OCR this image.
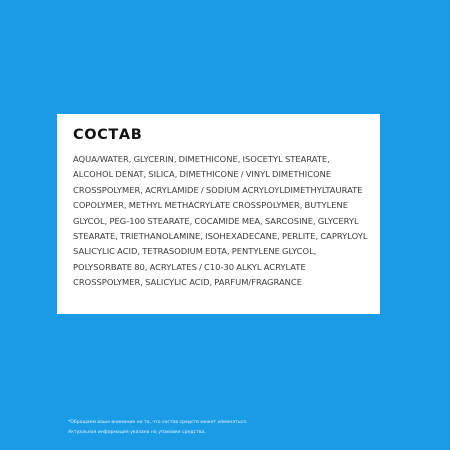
СОСТАВ

AQUA/WATER, GLYCERIN, DIMETHICONE, ISOCETYL STEARATE, ALCOHOL DENAT, SILICA, DIMETHICONE / VINYL DIMETHICONE CROSSPOLYMER, ACRYLAMIDE / SODIUM ACRYLOYLDIMETHYLTAURATE COPOLYMER, METHYL METHACRYLATE CROSSPOLYMER, BUTYLENE GLYCOL, PEG-100 STEARATE, COCAMIDE MEA, SARCOSINE, GLYCERYL STEARATE, TRIETHANOLAMINE, ISOHEXADECANE, PERLITE, CAPRYLOYL SALICYLIC ACID, TETRASODIUM EDTA, PENTYLENE GLYCOL, POLYSORBATE 80, ACRYLATES / C10-30 ALKYL ACRYLATE CROSSPOLYMER, SALICYLIC ACID, PARFUM/FRAGRANCE

*Обращаем ваше внимание на то, что состав средств может изменяться.
Актуальная информация указана на упаковке средства.
